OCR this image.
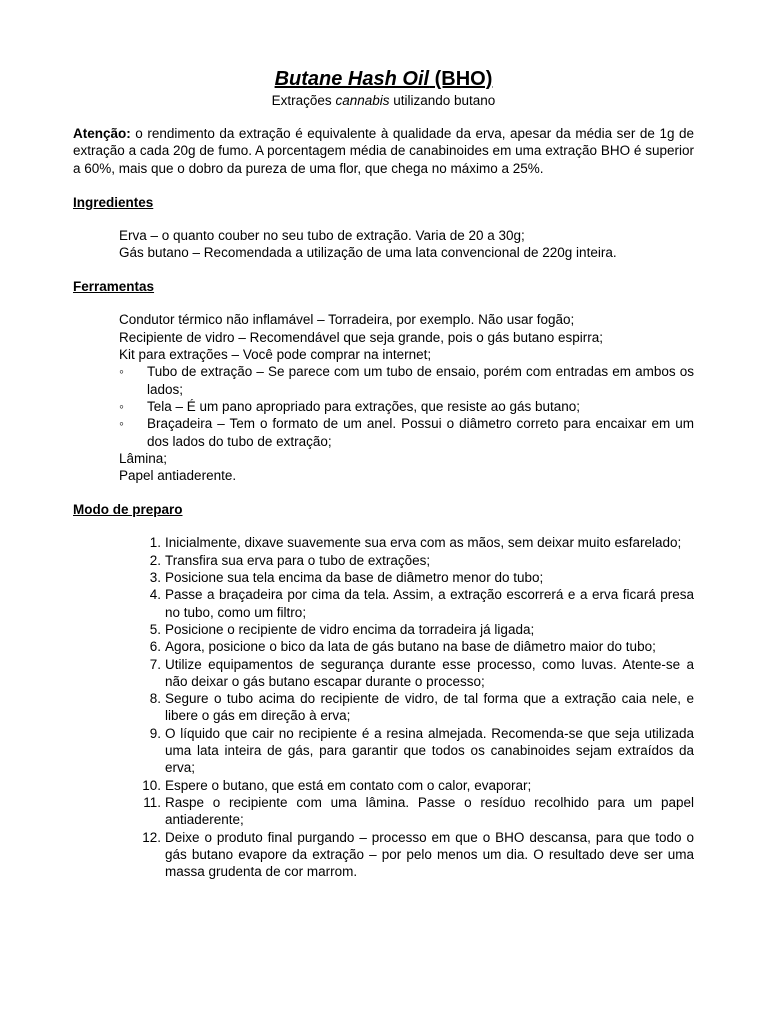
Butane Hash Oil (BHO)

Extrações cannabis utilizando butano

Atenção: o rendimento da extração é equivalente à qualidade da erva, apesar da média ser de 1g de extração a cada 20g de fumo. A porcentagem média de canabinoides em uma extração BHO é superior a 60%, mais que o dobro da pureza de uma flor, que chega no máximo a 25%.

Ingredientes
Erva – o quanto couber no seu tubo de extração. Varia de 20 a 30g;
Gás butano – Recomendada a utilização de uma lata convencional de 220g inteira.
Ferramentas
Condutor térmico não inflamável – Torradeira, por exemplo. Não usar fogão;
Recipiente de vidro – Recomendável que seja grande, pois o gás butano espirra;
Kit para extrações – Você pode comprar na internet;
◦ Tubo de extração – Se parece com um tubo de ensaio, porém com entradas em ambos os lados;
◦ Tela – É um pano apropriado para extrações, que resiste ao gás butano;
◦ Braçadeira – Tem o formato de um anel. Possui o diâmetro correto para encaixar em um dos lados do tubo de extração;
Lâmina;
Papel antiaderente.
Modo de preparo
1. Inicialmente, dixave suavemente sua erva com as mãos, sem deixar muito esfarelado;
2. Transfira sua erva para o tubo de extrações;
3. Posicione sua tela encima da base de diâmetro menor do tubo;
4. Passe a braçadeira por cima da tela. Assim, a extração escorrerá e a erva ficará presa no tubo, como um filtro;
5. Posicione o recipiente de vidro encima da torradeira já ligada;
6. Agora, posicione o bico da lata de gás butano na base de diâmetro maior do tubo;
7. Utilize equipamentos de segurança durante esse processo, como luvas. Atente-se a não deixar o gás butano escapar durante o processo;
8. Segure o tubo acima do recipiente de vidro, de tal forma que a extração caia nele, e libere o gás em direção à erva;
9. O líquido que cair no recipiente é a resina almejada. Recomenda-se que seja utilizada uma lata inteira de gás, para garantir que todos os canabinoides sejam extraídos da erva;
10. Espere o butano, que está em contato com o calor, evaporar;
11. Raspe o recipiente com uma lâmina. Passe o resíduo recolhido para um papel antiaderente;
12. Deixe o produto final purgando – processo em que o BHO descansa, para que todo o gás butano evapore da extração – por pelo menos um dia. O resultado deve ser uma massa grudenta de cor marrom.
